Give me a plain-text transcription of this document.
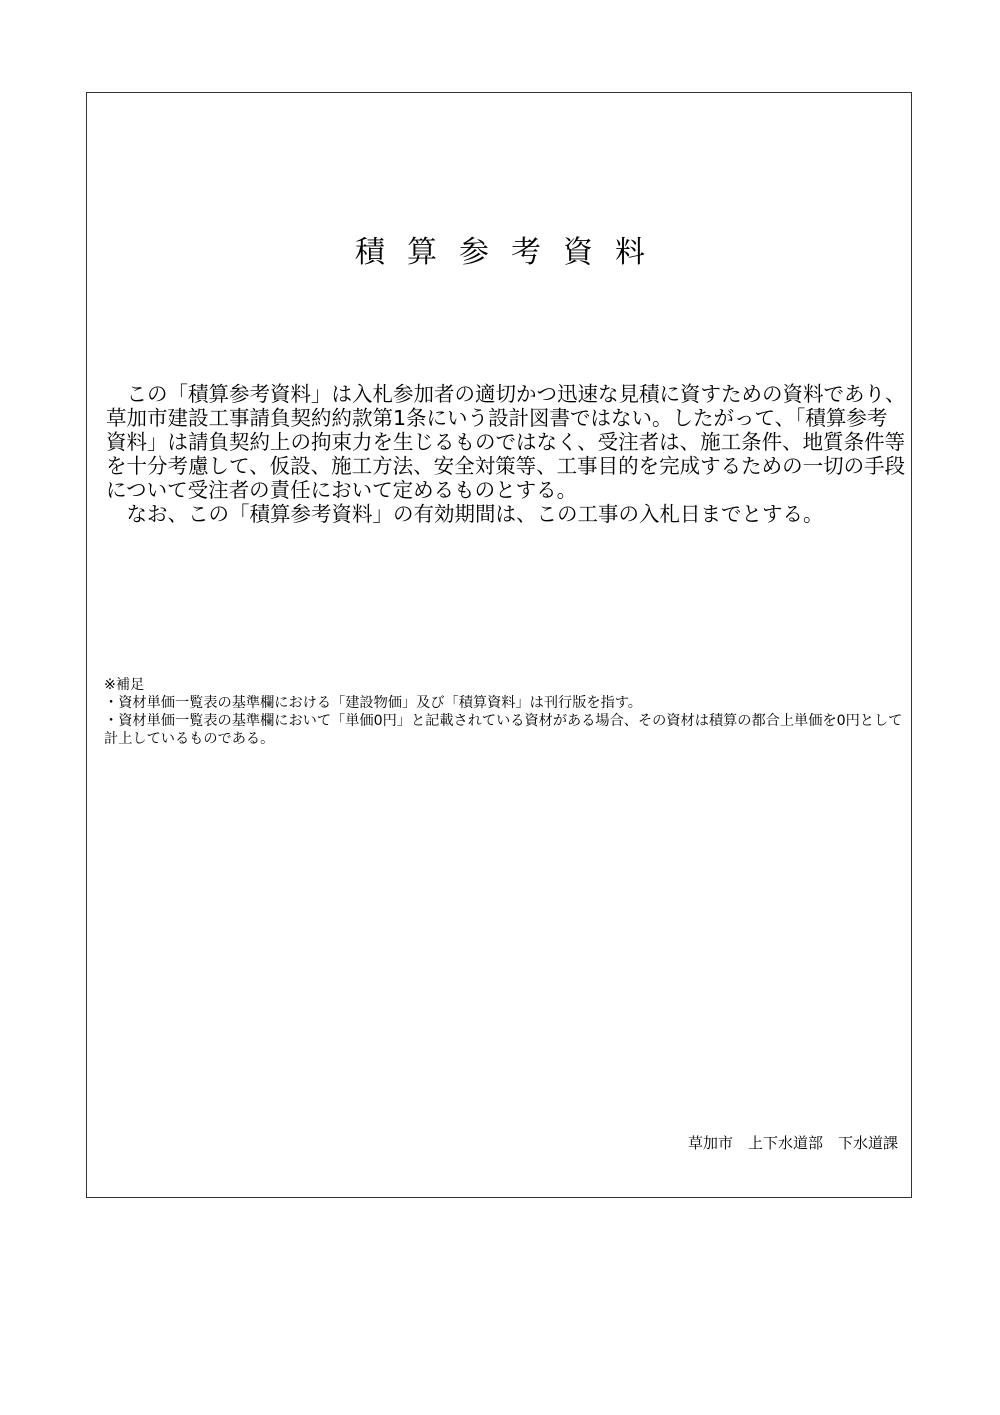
積算参考資料

この「積算参考資料」は入札参加者の適切かつ迅速な見積に資すための資料であり、草加市建設工事請負契約約款第1条にいう設計図書ではない。したがって、「積算参考資料」は請負契約上の拘束力を生じるものではなく、受注者は、施工条件、地質条件等を十分考慮して、仮設、施工方法、安全対策等、工事目的を完成するための一切の手段について受注者の責任において定めるものとする。

なお、この「積算参考資料」の有効期間は、この工事の入札日までとする。

※補足
・資材単価一覧表の基準欄における「建設物価」及び「積算資料」は刊行版を指す。
・資材単価一覧表の基準欄において「単価0円」と記載されている資材がある場合、その資材は積算の都合上単価を0円として計上しているものである。
草加市　上下水道部　下水道課
